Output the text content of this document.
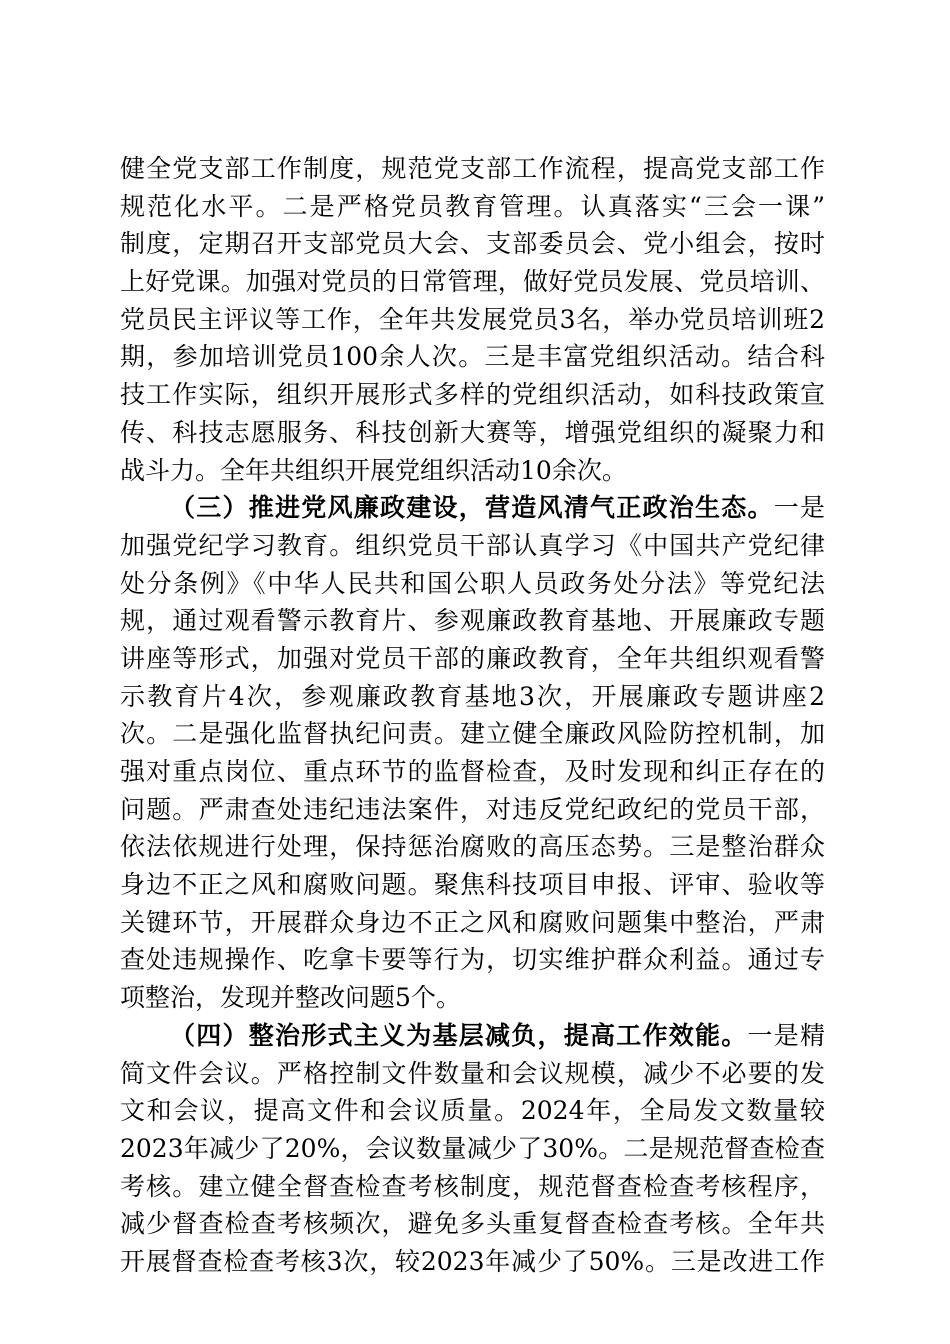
健全党支部工作制度，规范党支部工作流程，提高党支部工作
规范化水平。二是严格党员教育管理。认真落实“三会一课”
制度，定期召开支部党员大会、支部委员会、党小组会，按时
上好党课。加强对党员的日常管理，做好党员发展、党员培训、
党员民主评议等工作，全年共发展党员3名，举办党员培训班2
期，参加培训党员100余人次。三是丰富党组织活动。结合科
技工作实际，组织开展形式多样的党组织活动，如科技政策宣
传、科技志愿服务、科技创新大赛等，增强党组织的凝聚力和
战斗力。全年共组织开展党组织活动10余次。
（三）推进党风廉政建设，营造风清气正政治生态。一是
加强党纪学习教育。组织党员干部认真学习《中国共产党纪律
处分条例》《中华人民共和国公职人员政务处分法》等党纪法
规，通过观看警示教育片、参观廉政教育基地、开展廉政专题
讲座等形式，加强对党员干部的廉政教育，全年共组织观看警
示教育片4次，参观廉政教育基地3次，开展廉政专题讲座2
次。二是强化监督执纪问责。建立健全廉政风险防控机制，加
强对重点岗位、重点环节的监督检查，及时发现和纠正存在的
问题。严肃查处违纪违法案件，对违反党纪政纪的党员干部，
依法依规进行处理，保持惩治腐败的高压态势。三是整治群众
身边不正之风和腐败问题。聚焦科技项目申报、评审、验收等
关键环节，开展群众身边不正之风和腐败问题集中整治，严肃
查处违规操作、吃拿卡要等行为，切实维护群众利益。通过专
项整治，发现并整改问题5个。
（四）整治形式主义为基层减负，提高工作效能。一是精
简文件会议。严格控制文件数量和会议规模，减少不必要的发
文和会议，提高文件和会议质量。2024年，全局发文数量较
2023年减少了20%，会议数量减少了30%。二是规范督查检查
考核。建立健全督查检查考核制度，规范督查检查考核程序，
减少督查检查考核频次，避免多头重复督查检查考核。全年共
开展督查检查考核3次，较2023年减少了50%。三是改进工作
